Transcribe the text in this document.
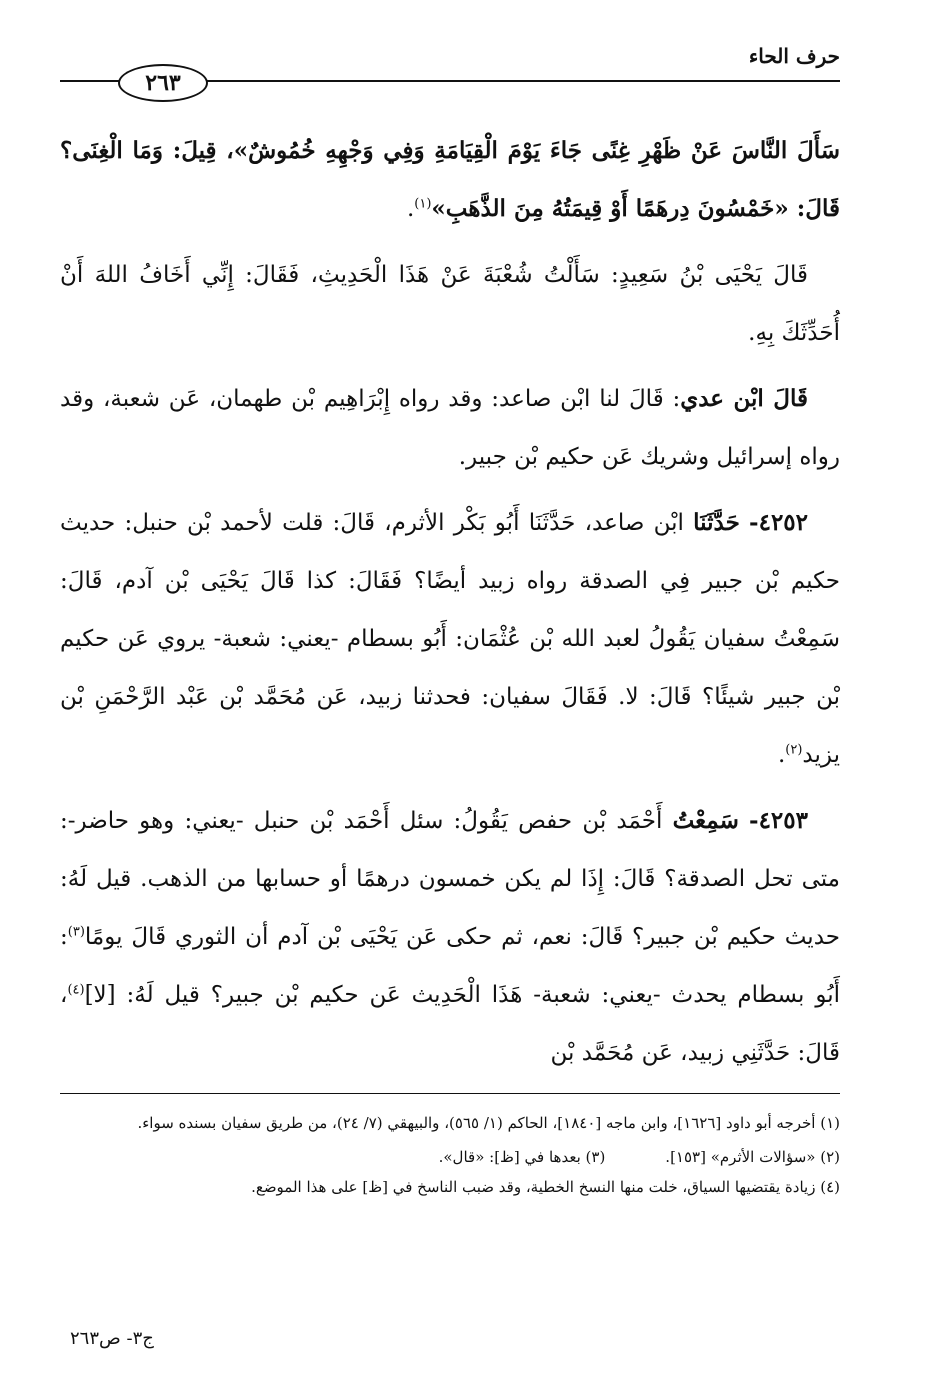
حرف الحاء
٢٦٣

سَأَلَ النَّاسَ عَنْ ظَهْرِ غِنًى جَاءَ يَوْمَ الْقِيَامَةِ وَفِي وَجْهِهِ خُمُوشٌ»، قِيلَ: وَمَا الْغِنَى؟ قَالَ: «خَمْسُونَ دِرهَمًا أَوْ قِيمَتُهُ مِنَ الذَّهَبِ»$^{(١)}$.

قَالَ يَحْيَى بْنُ سَعِيدٍ: سَأَلْتُ شُعْبَةَ عَنْ هَذَا الْحَدِيثِ، فَقَالَ: إِنِّي أَخَافُ اللهَ أَنْ أُحَدِّثَكَ بِهِ.

قَالَ ابْن عدي: قَالَ لنا ابْن صاعد: وقد رواه إِبْرَاهِيم بْن طهمان، عَن شعبة، وقد رواه إسرائيل وشريك عَن حكيم بْن جبير.

٤٢٥٢- حَدَّثَنَا ابْن صاعد، حَدَّثَنَا أَبُو بَكْر الأثرم، قَالَ: قلت لأحمد بْن حنبل: حديث حكيم بْن جبير فِي الصدقة رواه زبيد أيضًا؟ فَقَالَ: كذا قَالَ يَحْيَى بْن آدم، قَالَ: سَمِعْتُ سفيان يَقُولُ لعبد الله بْن عُثْمَان: أَبُو بسطام -يعني: شعبة- يروي عَن حكيم بْن جبير شيئًا؟ قَالَ: لا. فَقَالَ سفيان: فحدثنا زبيد، عَن مُحَمَّد بْن عَبْد الرَّحْمَنِ بْن يزيد$^{(٢)}$.

٤٢٥٣- سَمِعْتُ أَحْمَد بْن حفص يَقُولُ: سئل أَحْمَد بْن حنبل -يعني: وهو حاضر-: متى تحل الصدقة؟ قَالَ: إِذَا لم يكن خمسون درهمًا أو حسابها من الذهب. قيل لَهُ: حديث حكيم بْن جبير؟ قَالَ: نعم، ثم حكى عَن يَحْيَى بْن آدم أن الثوري قَالَ يومًا$^{(٣)}$: أَبُو بسطام يحدث -يعني: شعبة- هَذَا الْحَدِيث عَن حكيم بْن جبير؟ قيل لَهُ: [لا]$^{(٤)}$، قَالَ: حَدَّثَنِي زبيد، عَن مُحَمَّد بْن

(١) أخرجه أبو داود [١٦٢٦]، وابن ماجه [١٨٤٠]، الحاكم (١/ ٥٦٥)، والبيهقي (٧/ ٢٤)، من طريق سفيان بسنده سواء.

(٢) «سؤالات الأثرم» [١٥٣].
(٣) بعدها في [ظ]: «قال».

(٤) زيادة يقتضيها السياق، خلت منها النسخ الخطية، وقد ضبب الناسخ في [ظ] على هذا الموضع.

ج٣- ص٢٦٣
